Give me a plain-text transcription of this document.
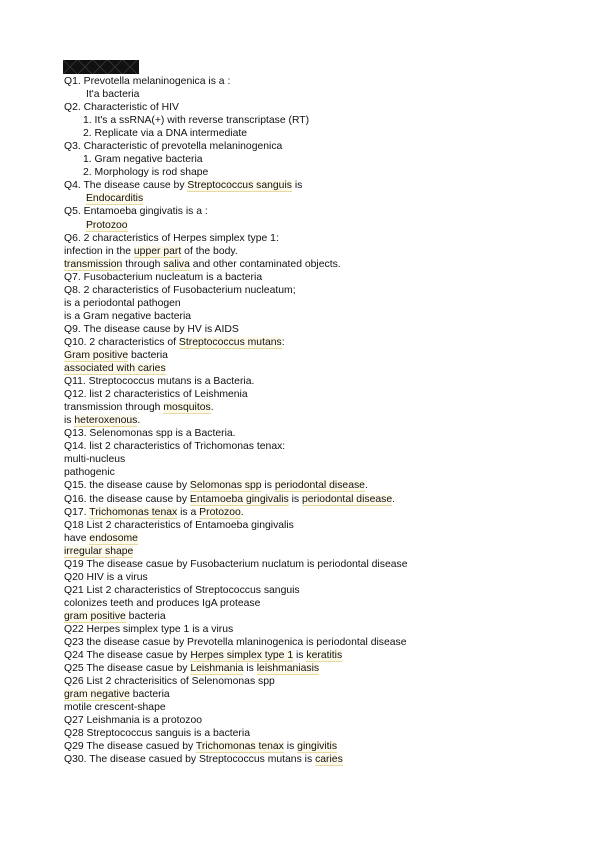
Q1. Prevotella melaninogenica is a :
It'a bacteria
Q2. Characteristic of HIV
1. It's a ssRNA(+) with reverse transcriptase (RT)
2. Replicate via a DNA intermediate
Q3. Characteristic of prevotella melaninogenica
1. Gram negative bacteria
2. Morphology is rod shape
Q4. The disease cause by Streptococcus sanguis is
Endocarditis
Q5. Entamoeba gingivatis is a :
Protozoo
Q6. 2 characteristics of Herpes simplex type 1:
infection in the upper part of the body.
transmission through saliva and other contaminated objects.
Q7. Fusobacterium nucleatum is a bacteria
Q8. 2 characteristics of Fusobacterium nucleatum;
is a periodontal pathogen
is a Gram negative bacteria
Q9. The disease cause by HV is AIDS
Q10. 2 characteristics of Streptococcus mutans:
Gram positive bacteria
associated with caries
Q11. Streptococcus mutans is a Bacteria.
Q12. list 2 characteristics of Leishmenia
transmission through mosquitos.
is heteroxenous.
Q13. Selenomonas spp is a Bacteria.
Q14. list 2 characteristics of Trichomonas tenax:
multi-nucleus
pathogenic
Q15. the disease cause by Selomonas spp is periodontal disease.
Q16. the disease cause by Entamoeba gingivalis is periodontal disease.
Q17. Trichomonas tenax is a Protozoo.
Q18 List 2 characteristics of Entamoeba gingivalis
have endosome
irregular shape
Q19 The disease casue by Fusobacterium nuclatum is periodontal disease
Q20 HIV is a virus
Q21 List 2 characteristics of Streptococcus sanguis
colonizes teeth and produces IgA protease
gram positive bacteria
Q22 Herpes simplex type 1 is a virus
Q23 the disease casue by Prevotella mlaninogenica is periodontal disease
Q24 The disease casue by Herpes simplex type 1 is keratitis
Q25 The disease casue by Leishmania is leishmaniasis
Q26 List 2 chracterisitics of Selenomonas spp
gram negative bacteria
motile crescent-shape
Q27 Leishmania is a protozoo
Q28 Streptococcus sanguis is a bacteria
Q29 The disease casued by Trichomonas tenax is gingivitis
Q30. The disease casued by Streptococcus mutans is caries
